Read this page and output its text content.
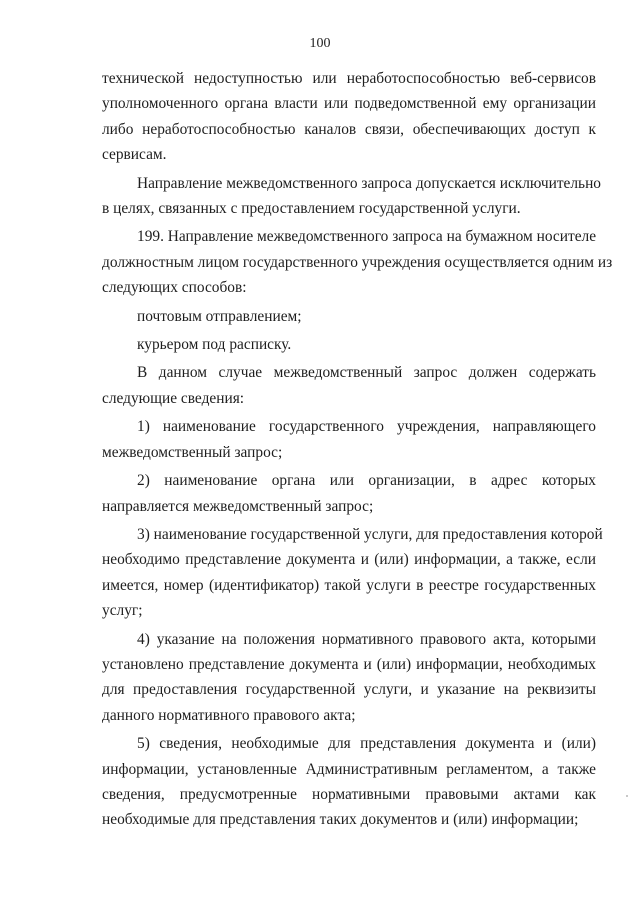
100
технической недоступностью или неработоспособностью веб-сервисов
уполномоченного органа власти или подведомственной ему организации
либо неработоспособностью каналов связи, обеспечивающих доступ к
сервисам.
Направление межведомственного запроса допускается исключительно
в целях, связанных с предоставлением государственной услуги.
199. Направление межведомственного запроса на бумажном носителе
должностным лицом государственного учреждения осуществляется одним из
следующих способов:
почтовым отправлением;
курьером под расписку.
В данном случае межведомственный запрос должен содержать
следующие сведения:
1) наименование государственного учреждения, направляющего
межведомственный запрос;
2) наименование органа или организации, в адрес которых
направляется межведомственный запрос;
3) наименование государственной услуги, для предоставления которой
необходимо представление документа и (или) информации, а также, если
имеется, номер (идентификатор) такой услуги в реестре государственных
услуг;
4) указание на положения нормативного правового акта, которыми
установлено представление документа и (или) информации, необходимых
для предоставления государственной услуги, и указание на реквизиты
данного нормативного правового акта;
5) сведения, необходимые для представления документа и (или)
информации, установленные Административным регламентом, а также
сведения, предусмотренные нормативными правовыми актами как
необходимые для представления таких документов и (или) информации;
